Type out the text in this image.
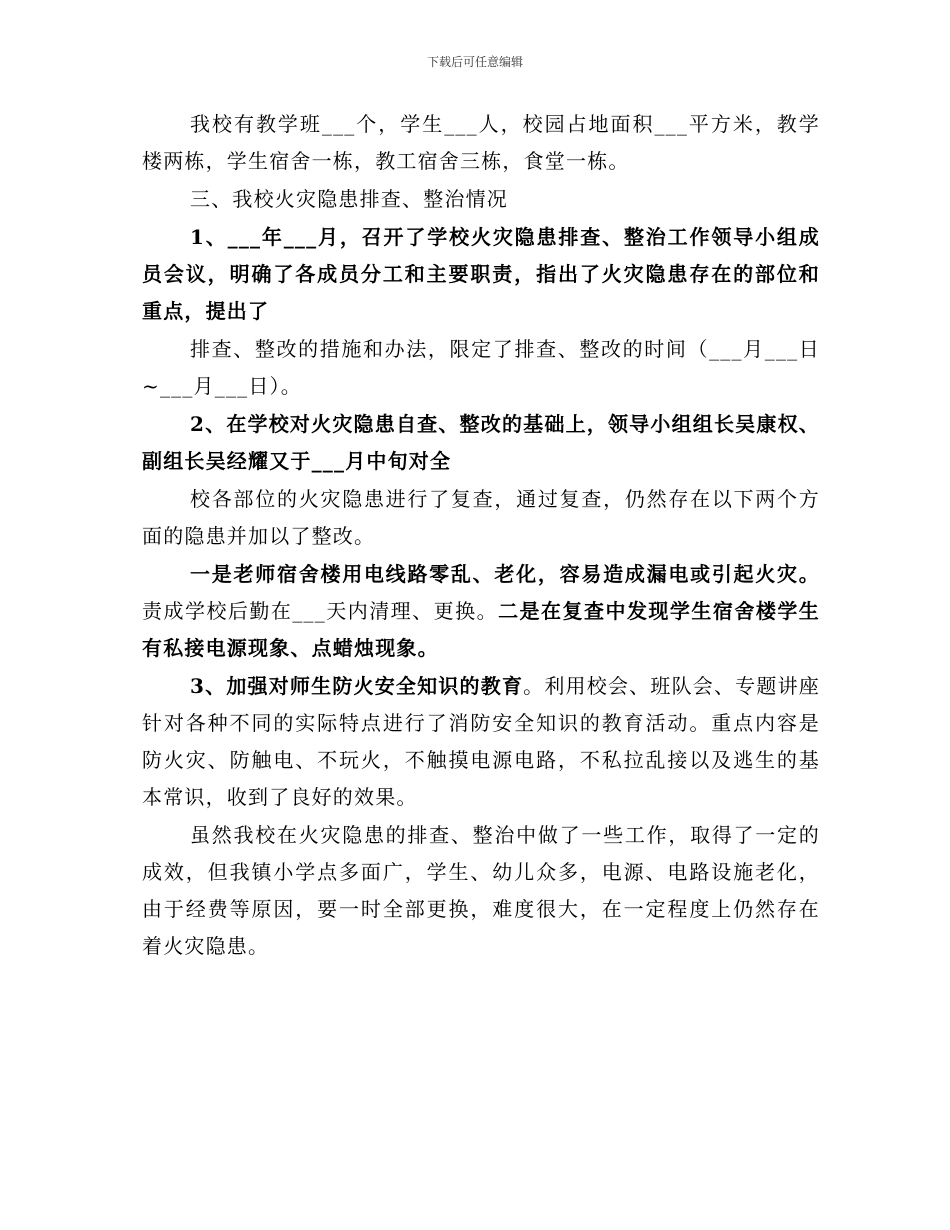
下载后可任意编辑

我校有教学班___个，学生___人，校园占地面积___平方米，教学楼两栋，学生宿舍一栋，教工宿舍三栋，食堂一栋。

三、我校火灾隐患排查、整治情况

1、___年___月，召开了学校火灾隐患排查、整治工作领导小组成员会议，明确了各成员分工和主要职责，指出了火灾隐患存在的部位和重点，提出了

排查、整改的措施和办法，限定了排查、整改的时间（___月___日~___月___日）。

2、在学校对火灾隐患自查、整改的基础上，领导小组组长吴康权、副组长吴经耀又于___月中旬对全

校各部位的火灾隐患进行了复查，通过复查，仍然存在以下两个方面的隐患并加以了整改。

一是老师宿舍楼用电线路零乱、老化，容易造成漏电或引起火灾。责成学校后勤在___天内清理、更换。二是在复查中发现学生宿舍楼学生有私接电源现象、点蜡烛现象。

3、加强对师生防火安全知识的教育。利用校会、班队会、专题讲座针对各种不同的实际特点进行了消防安全知识的教育活动。重点内容是防火灾、防触电、不玩火，不触摸电源电路，不私拉乱接以及逃生的基本常识，收到了良好的效果。

虽然我校在火灾隐患的排查、整治中做了一些工作，取得了一定的成效，但我镇小学点多面广，学生、幼儿众多，电源、电路设施老化，由于经费等原因，要一时全部更换，难度很大，在一定程度上仍然存在着火灾隐患。
